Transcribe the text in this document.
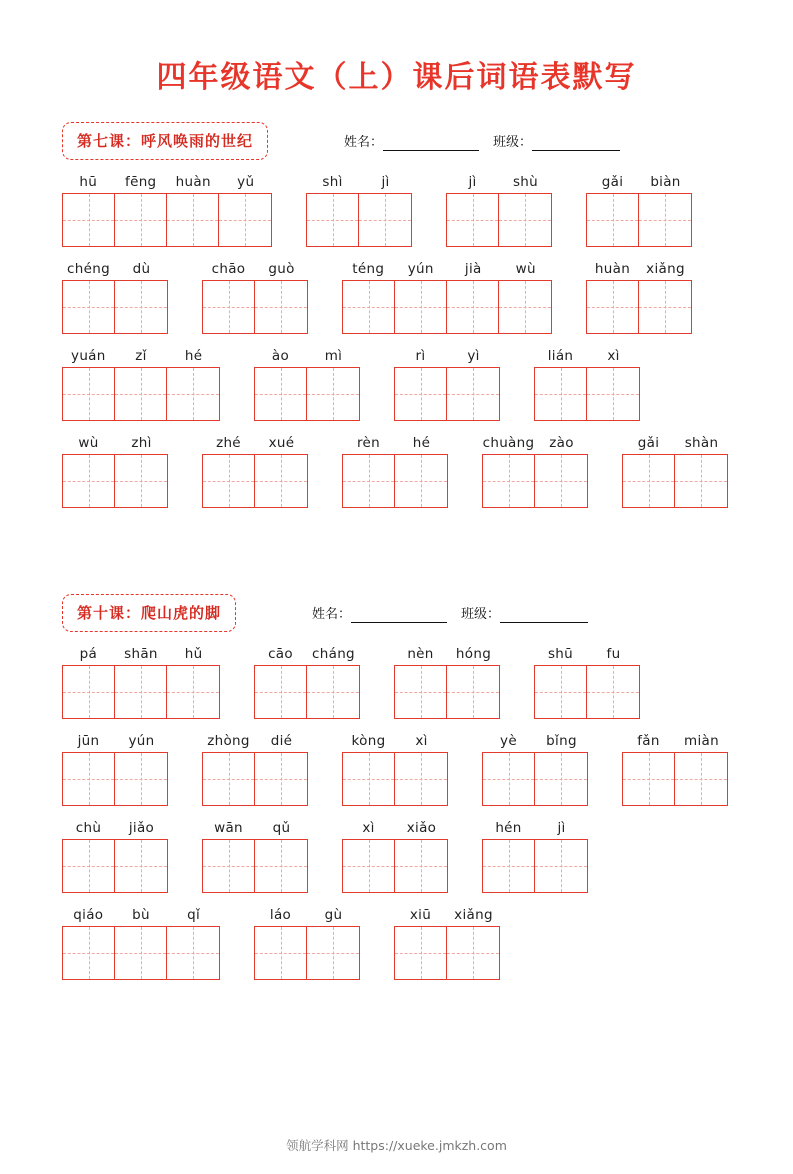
四年级语文（上）课后词语表默写
第七课：呼风唤雨的世纪	姓名：	班级：
hū	fēng	huàn	yǔ	shì	jì	jì	shù	gǎi	biàn
chéng	dù	chāo	guò	téng	yún	jià	wù	huàn	xiǎng
yuán	zǐ	hé	ào	mì	rì	yì	lián	xì
wù	zhì	zhé	xué	rèn	hé	chuàng	zào	gǎi	shàn
第十课：爬山虎的脚	姓名：	班级：
pá	shān	hǔ	cāo	cháng	nèn	hóng	shū	fu
jūn	yún	zhòng	dié	kòng	xì	yè	bǐng	fǎn	miàn
chù	jiǎo	wān	qǔ	xì	xiǎo	hén	jì
qiáo	bù	qǐ	láo	gù	xiū	xiǎng
领航学科网 https://xueke.jmkzh.com
